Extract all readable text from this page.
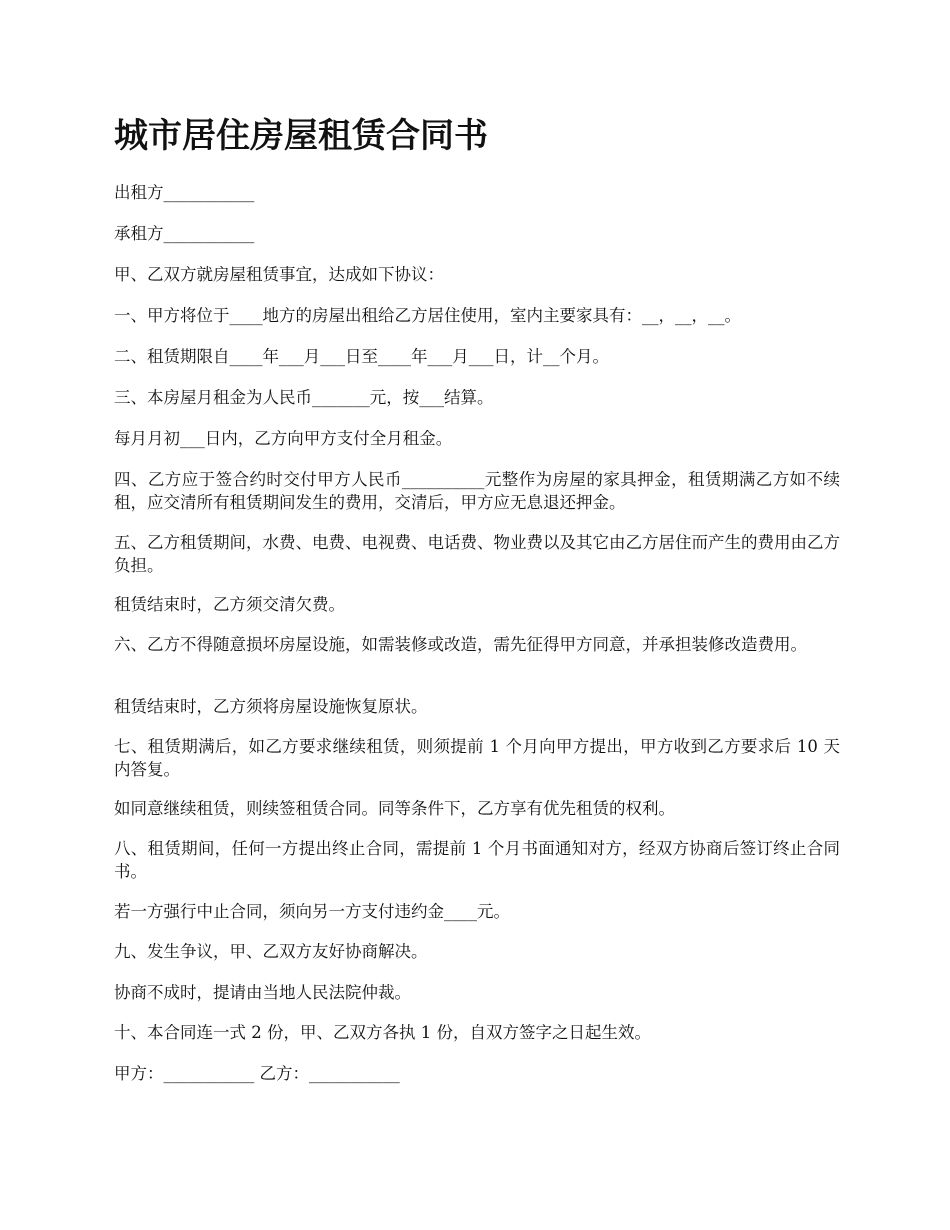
城市居住房屋租赁合同书

出租方___________

承租方___________

甲、乙双方就房屋租赁事宜，达成如下协议：

一、甲方将位于____地方的房屋出租给乙方居住使用，室内主要家具有：__，__，__。

二、租赁期限自____年___月___日至____年___月___日，计__个月。

三、本房屋月租金为人民币_______元，按___结算。

每月月初___日内，乙方向甲方支付全月租金。

四、乙方应于签合约时交付甲方人民币__________元整作为房屋的家具押金，租赁期满乙方如不续租，应交清所有租赁期间发生的费用，交清后，甲方应无息退还押金。

五、乙方租赁期间，水费、电费、电视费、电话费、物业费以及其它由乙方居住而产生的费用由乙方负担。

租赁结束时，乙方须交清欠费。

六、乙方不得随意损坏房屋设施，如需装修或改造，需先征得甲方同意，并承担装修改造费用。

租赁结束时，乙方须将房屋设施恢复原状。

七、租赁期满后，如乙方要求继续租赁，则须提前 1 个月向甲方提出，甲方收到乙方要求后 10 天内答复。

如同意继续租赁，则续签租赁合同。同等条件下，乙方享有优先租赁的权利。

八、租赁期间，任何一方提出终止合同，需提前 1 个月书面通知对方，经双方协商后签订终止合同书。

若一方强行中止合同，须向另一方支付违约金____元。

九、发生争议，甲、乙双方友好协商解决。

协商不成时，提请由当地人民法院仲裁。

十、本合同连一式 2 份，甲、乙双方各执 1 份，自双方签字之日起生效。

甲方：___________ 乙方：___________
